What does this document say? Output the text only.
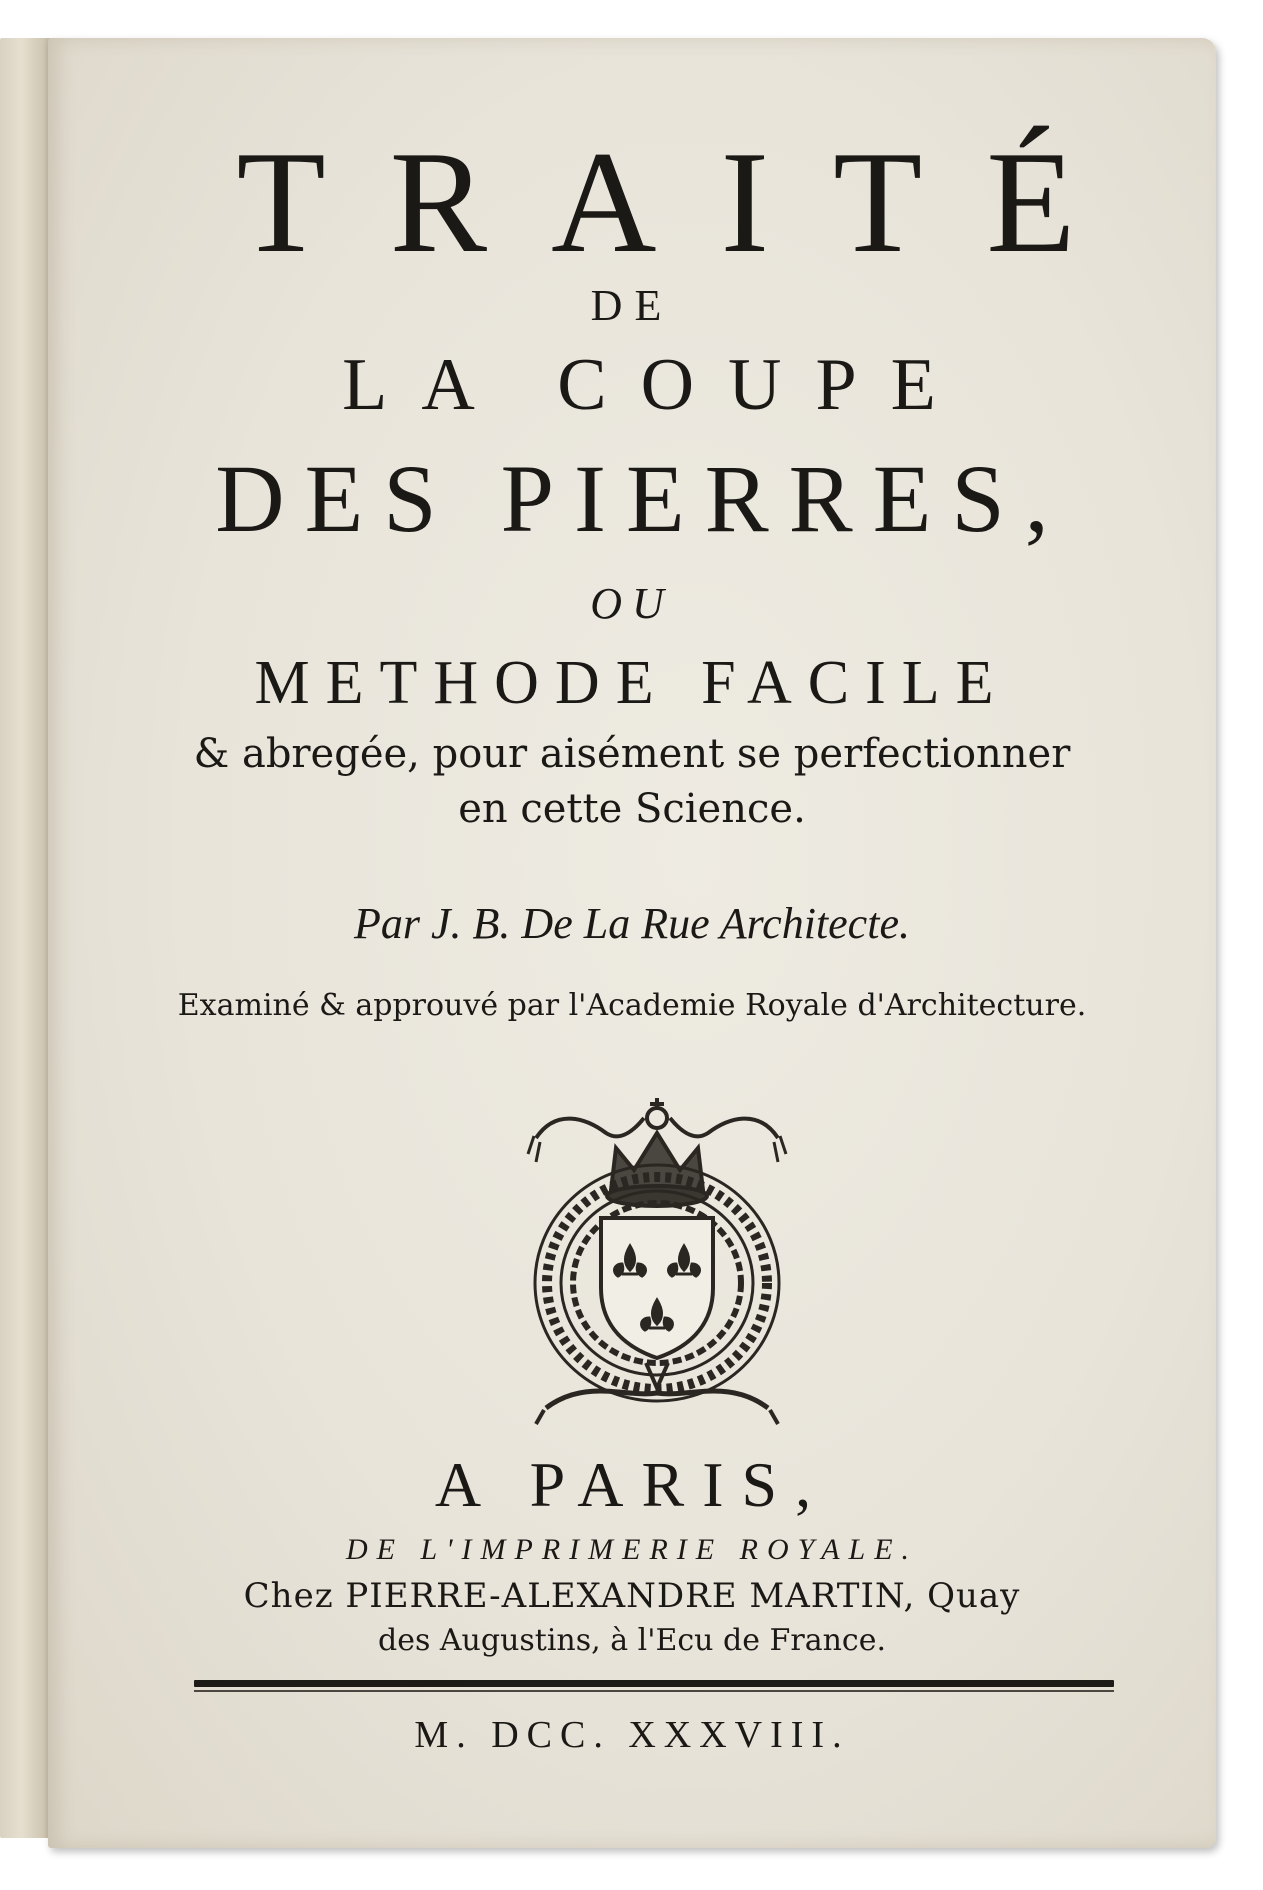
TRAITÉ
DE
LA COUPE
DES PIERRES,
OU
METHODE FACILE
& abregée, pour aisément se perfectionner
en cette Science.
Par J. B. De La Rue Architecte.
Examiné & approuvé par l'Academie Royale d'Architecture.
A PARIS,
DE L'IMPRIMERIE ROYALE.
Chez PIERRE-ALEXANDRE MARTIN, Quay
des Augustins, à l'Ecu de France.
M. DCC. XXXVIII.
